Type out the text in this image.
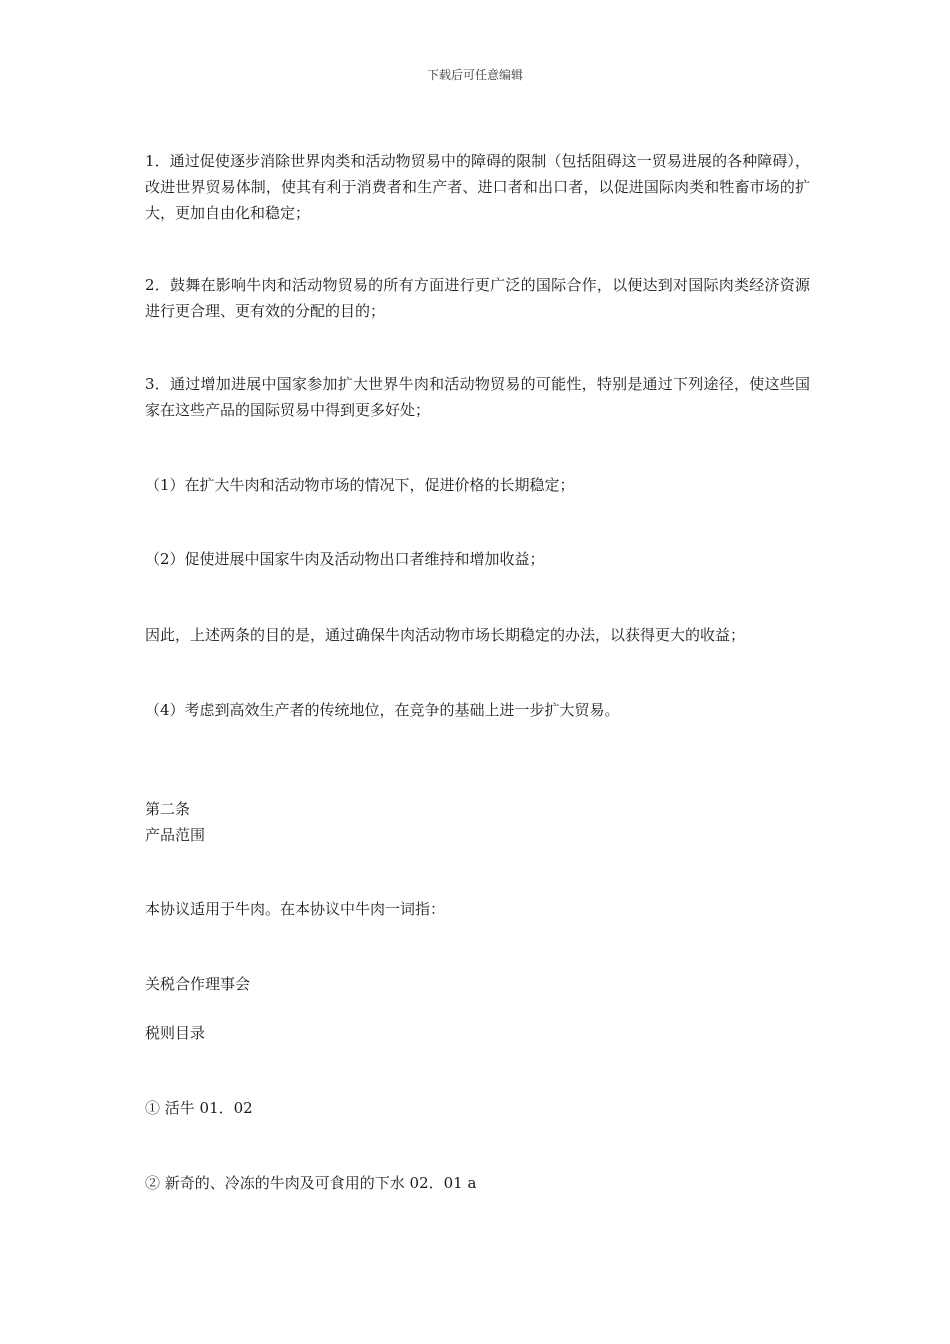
下载后可任意编辑

1．通过促使逐步消除世界肉类和活动物贸易中的障碍的限制（包括阻碍这一贸易进展的各种障碍），改进世界贸易体制，使其有利于消费者和生产者、进口者和出口者，以促进国际肉类和牲畜市场的扩大，更加自由化和稳定；

2．鼓舞在影响牛肉和活动物贸易的所有方面进行更广泛的国际合作，以便达到对国际肉类经济资源进行更合理、更有效的分配的目的；

3．通过增加进展中国家参加扩大世界牛肉和活动物贸易的可能性，特别是通过下列途径，使这些国家在这些产品的国际贸易中得到更多好处；

（1）在扩大牛肉和活动物市场的情况下，促进价格的长期稳定；

（2）促使进展中国家牛肉及活动物出口者维持和增加收益；

因此，上述两条的目的是，通过确保牛肉活动物市场长期稳定的办法，以获得更大的收益；

（4）考虑到高效生产者的传统地位，在竞争的基础上进一步扩大贸易。

第二条

产品范围

本协议适用于牛肉。在本协议中牛肉一词指：

关税合作理事会

税则目录

① 活牛 01．02

② 新奇的、冷冻的牛肉及可食用的下水 02．01 a
